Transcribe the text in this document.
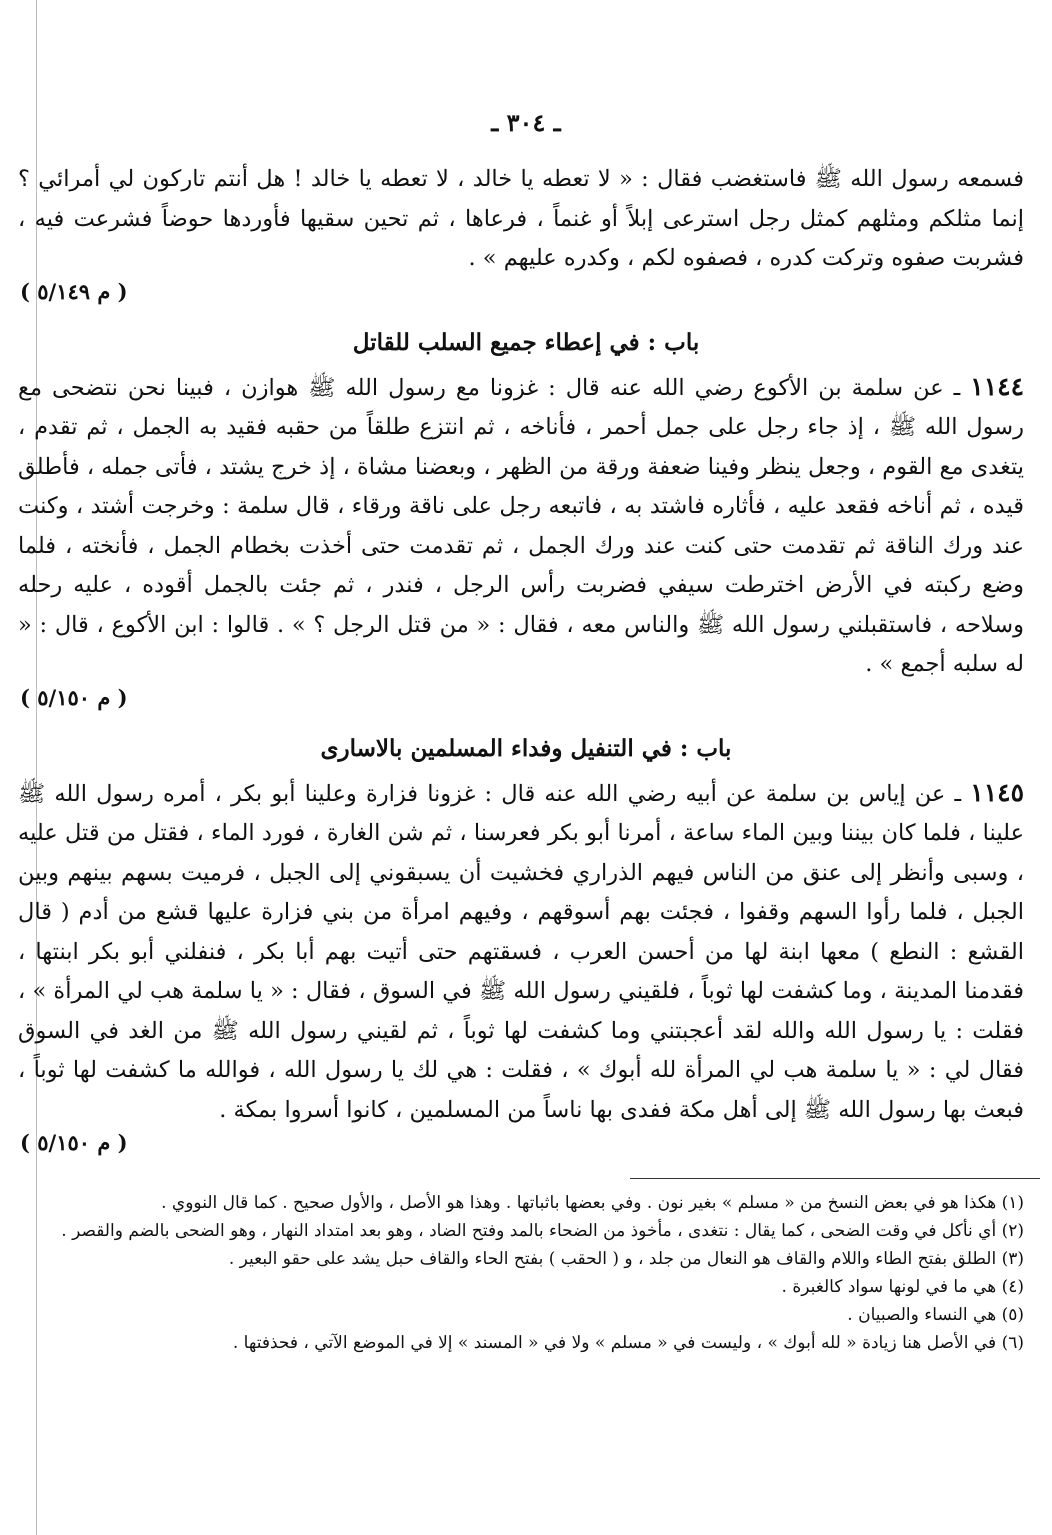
ـ ٣٠٤ ـ

فسمعه رسول الله ﷺ فاستغضب فقال : « لا تعطه يا خالد ، لا تعطه يا خالد ! هل أنتم تاركون لي أمرائي ؟ إنما مثلكم ومثلهم كمثل رجل استرعى إبلاً أو غنماً ، فرعاها ، ثم تحين سقيها فأوردها حوضاً فشرعت فيه ، فشربت صفوه وتركت كدره ، فصفوه لكم ، وكدره عليهم » .

( م ٥/١٤٩ )
باب : في إعطاء جميع السلب للقاتل

١١٤٤ ـ عن سلمة بن الأكوع رضي الله عنه قال : غزونا مع رسول الله ﷺ هوازن ، فبينا نحن نتضحى مع رسول الله ﷺ ، إذ جاء رجل على جمل أحمر ، فأناخه ، ثم انتزع طلقاً من حقبه فقيد به الجمل ، ثم تقدم ، يتغدى مع القوم ، وجعل ينظر وفينا ضعفة ورقة من الظهر ، وبعضنا مشاة ، إذ خرج يشتد ، فأتى جمله ، فأطلق قيده ، ثم أناخه فقعد عليه ، فأثاره فاشتد به ، فاتبعه رجل على ناقة ورقاء ، قال سلمة : وخرجت أشتد ، وكنت عند ورك الناقة ثم تقدمت حتى كنت عند ورك الجمل ، ثم تقدمت حتى أخذت بخطام الجمل ، فأنخته ، فلما وضع ركبته في الأرض اخترطت سيفي فضربت رأس الرجل ، فندر ، ثم جئت بالجمل أقوده ، عليه رحله وسلاحه ، فاستقبلني رسول الله ﷺ والناس معه ، فقال : « من قتل الرجل ؟ » . قالوا : ابن الأكوع ، قال : « له سلبه أجمع » .

( م ٥/١٥٠ )
باب : في التنفيل وفداء المسلمين بالاسارى

١١٤٥ ـ عن إياس بن سلمة عن أبيه رضي الله عنه قال : غزونا فزارة وعلينا أبو بكر ، أمره رسول الله ﷺ علينا ، فلما كان بيننا وبين الماء ساعة ، أمرنا أبو بكر فعرسنا ، ثم شن الغارة ، فورد الماء ، فقتل من قتل عليه ، وسبى وأنظر إلى عنق من الناس فيهم الذراري فخشيت أن يسبقوني إلى الجبل ، فرميت بسهم بينهم وبين الجبل ، فلما رأوا السهم وقفوا ، فجئت بهم أسوقهم ، وفيهم امرأة من بني فزارة عليها قشع من أدم ( قال القشع : النطع ) معها ابنة لها من أحسن العرب ، فسقتهم حتى أتيت بهم أبا بكر ، فنفلني أبو بكر ابنتها ، فقدمنا المدينة ، وما كشفت لها ثوباً ، فلقيني رسول الله ﷺ في السوق ، فقال : « يا سلمة هب لي المرأة » ، فقلت : يا رسول الله والله لقد أعجبتني وما كشفت لها ثوباً ، ثم لقيني رسول الله ﷺ من الغد في السوق فقال لي : « يا سلمة هب لي المرأة لله أبوك » ، فقلت : هي لك يا رسول الله ، فوالله ما كشفت لها ثوباً ، فبعث بها رسول الله ﷺ إلى أهل مكة ففدى بها ناساً من المسلمين ، كانوا أسروا بمكة .

( م ٥/١٥٠ )
(١) هكذا هو في بعض النسخ من « مسلم » بغير نون . وفي بعضها باثباتها . وهذا هو الأصل ، والأول صحيح . كما قال النووي .
(٢) أي نأكل في وقت الضحى ، كما يقال : نتغدى ، مأخوذ من الضحاء بالمد وفتح الضاد ، وهو بعد امتداد النهار ، وهو الضحى بالضم والقصر .
(٣) الطلق بفتح الطاء واللام والقاف هو النعال من جلد ، و ( الحقب ) بفتح الحاء والقاف حبل يشد على حقو البعير .
(٤) هي ما في لونها سواد كالغبرة .
(٥) هي النساء والصبيان .
(٦) في الأصل هنا زيادة « لله أبوك » ، وليست في « مسلم » ولا في « المسند » إلا في الموضع الآتي ، فحذفتها .
